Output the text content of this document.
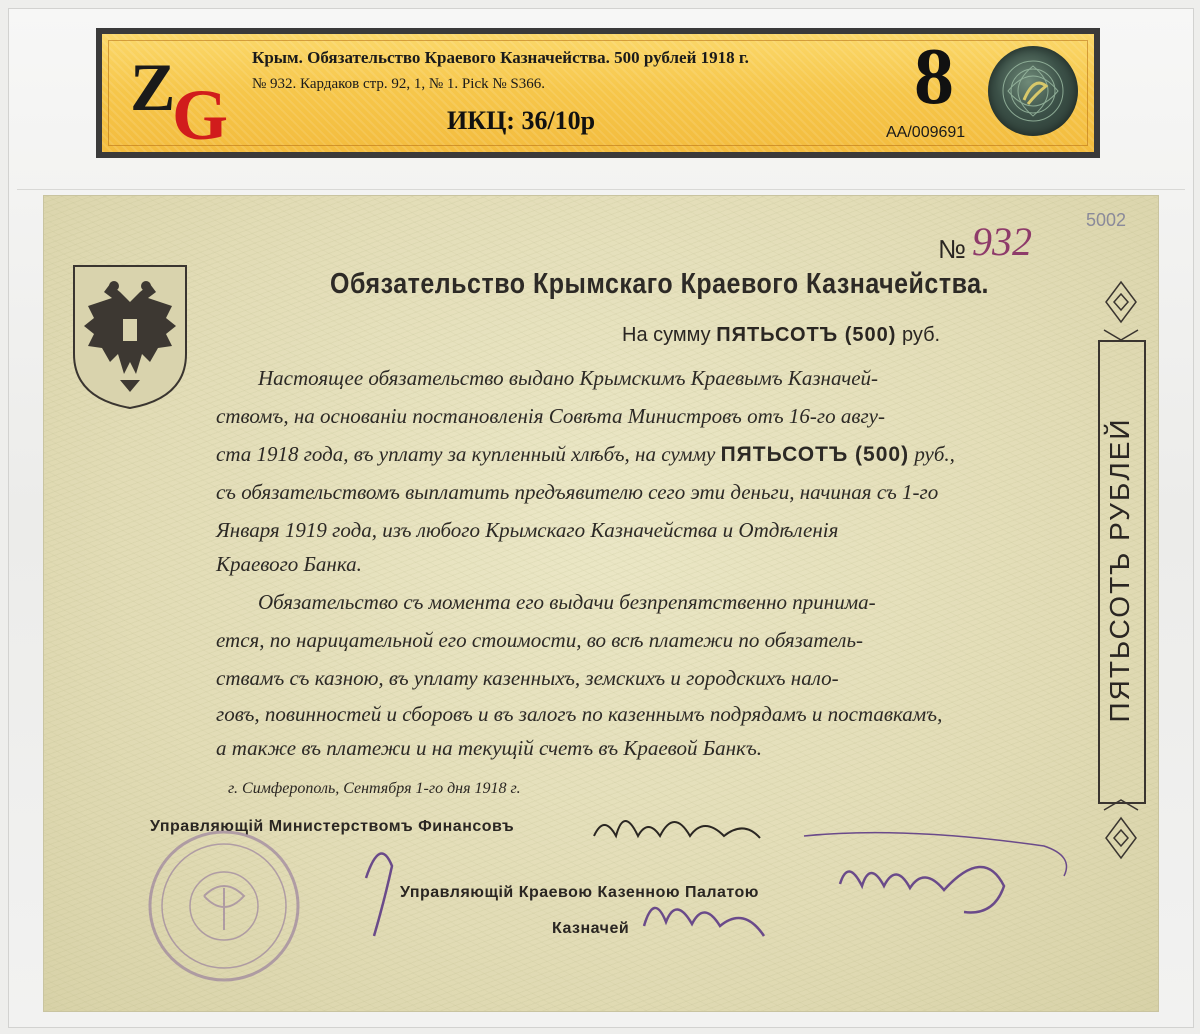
Z
G
Крым. Обязательство Краевого Казначейства. 500 рублей 1918 г.
№ 932. Кардаков стр. 92, 1, № 1. Pick № S366.
ИКЦ: 36/10р	8
AA/009691
№ 932	5002
Обязательство Крымскаго Краевого Казначейства.
На сумму ПЯТЬСОТЪ (500) руб.
Настоящее обязательство выдано Крымскимъ Краевымъ Казначей-
ствомъ, на основаніи постановленія Совѣта Министровъ отъ 16-го авгу-
ста 1918 года, въ уплату за купленный хлѣбъ, на сумму ПЯТЬСОТЪ (500) руб.,
съ обязательствомъ выплатить предъявителю сего эти деньги, начиная съ 1-го
Января 1919 года, изъ любого Крымскаго Казначейства и Отдѣленія
Краевого Банка.
Обязательство съ момента его выдачи безпрепятственно принима-
ется, по нарицательной его стоимости, во всѣ платежи по обязатель-
ствамъ съ казною, въ уплату казенныхъ, земскихъ и городскихъ нало-
говъ, повинностей и сборовъ и въ залогъ по казеннымъ подрядамъ и поставкамъ,
а также въ платежи и на текущій счетъ въ Краевой Банкъ.
г. Симферополь, Сентября 1-го дня 1918 г.
Управляющій Министерствомъ Финансовъ
Управляющій Краевою Казенною Палатою
Казначей
ПЯТЬСОТЪ РУБЛЕЙ
